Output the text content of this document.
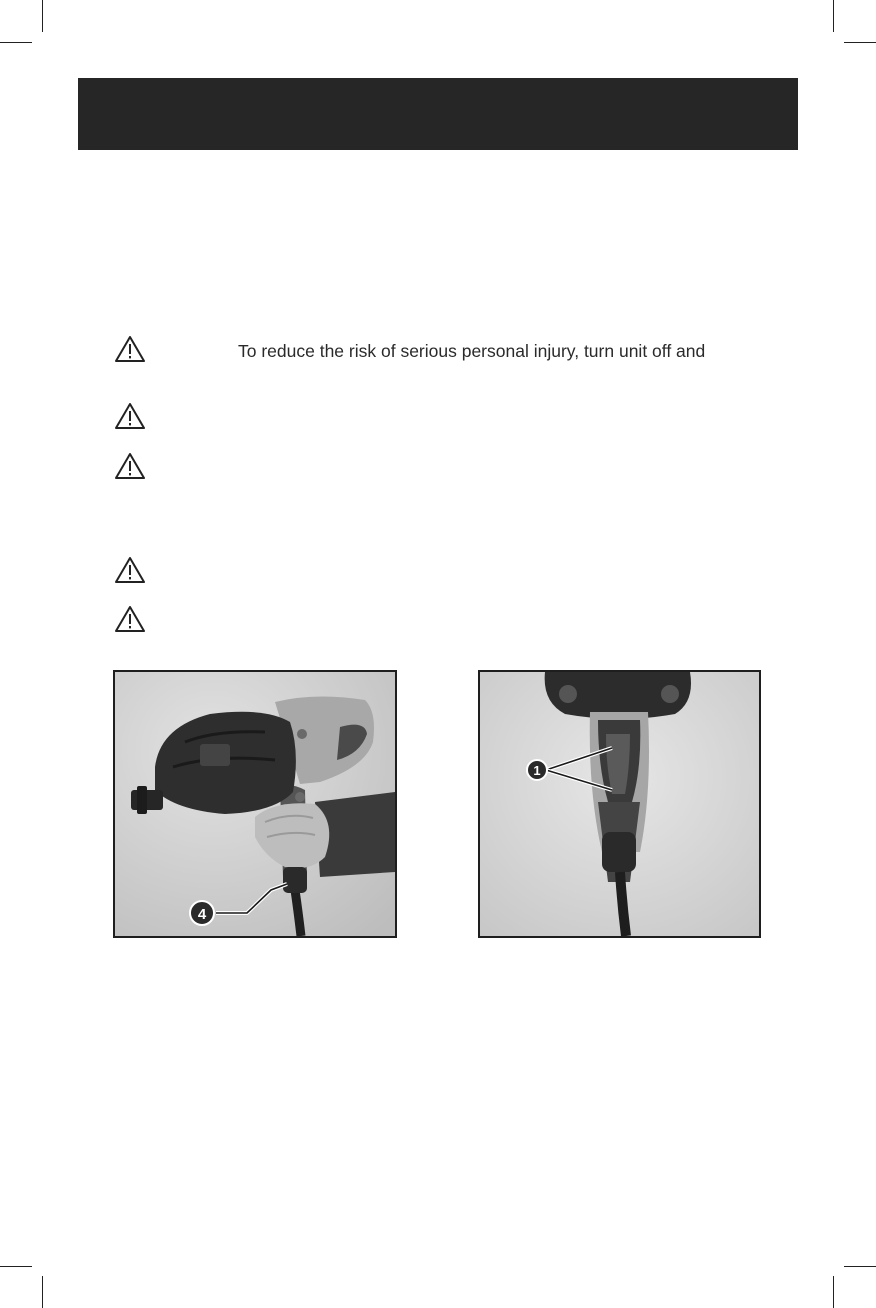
To reduce the risk of serious personal injury, turn unit off and
4
1
